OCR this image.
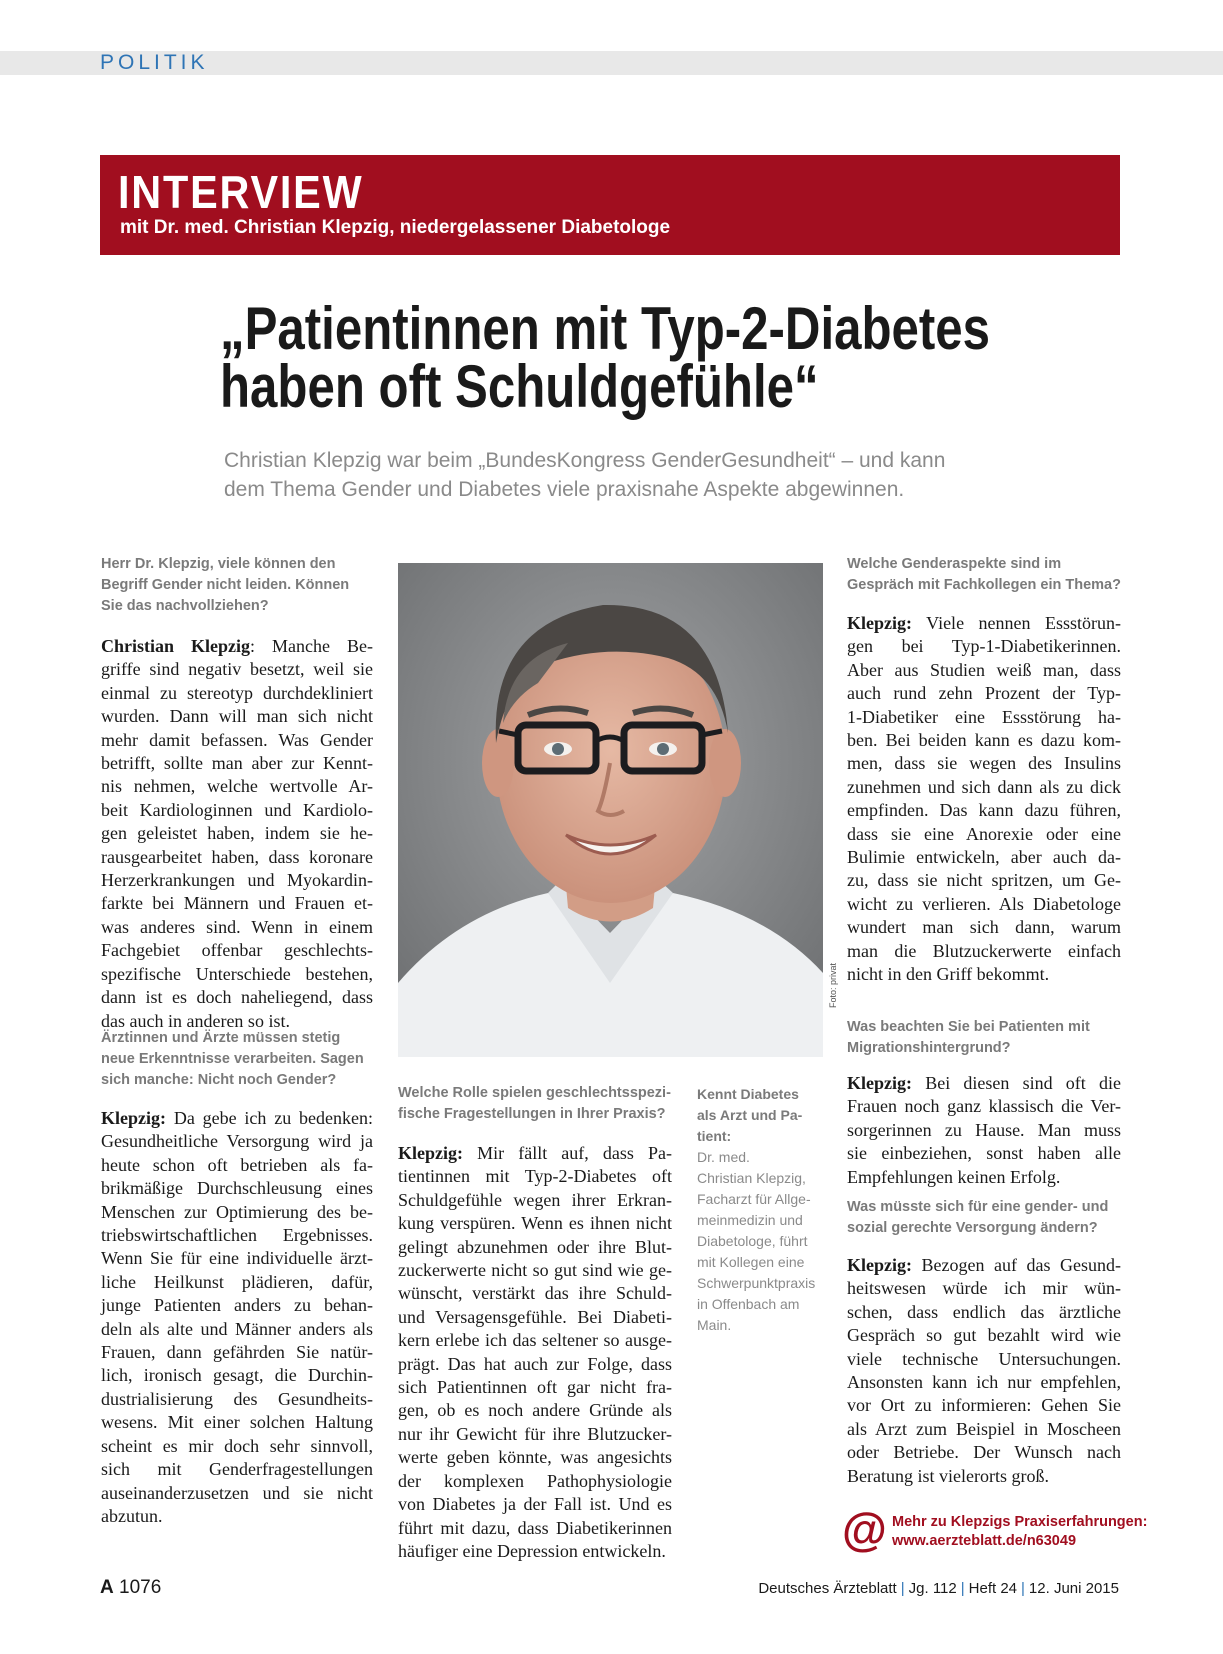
POLITIK
INTERVIEW
mit Dr. med. Christian Klepzig, niedergelassener Diabetologe
„Patientinnen mit Typ-2-Diabetes
haben oft Schuldgefühle“
Christian Klepzig war beim „BundesKongress GenderGesundheit“ – und kann
dem Thema Gender und Diabetes viele praxisnahe Aspekte abgewinnen.
Herr Dr. Klepzig, viele können den
Begriff Gender nicht leiden. Können
Sie das nachvollziehen?

Christian Klepzig: Manche Be-
griffe sind negativ besetzt, weil sie
einmal zu stereotyp durchdekliniert
wurden. Dann will man sich nicht
mehr damit befassen. Was Gender
betrifft, sollte man aber zur Kennt-
nis nehmen, welche wertvolle Ar-
beit Kardiologinnen und Kardiolo-
gen geleistet haben, indem sie he-
rausgearbeitet haben, dass koronare
Herzerkrankungen und Myokardin-
farkte bei Männern und Frauen et-
was anderes sind. Wenn in einem
Fachgebiet offenbar geschlechts-
spezifische Unterschiede bestehen,
dann ist es doch naheliegend, dass
das auch in anderen so ist.

Ärztinnen und Ärzte müssen stetig
neue Erkenntnisse verarbeiten. Sagen
sich manche: Nicht noch Gender?

Klepzig: Da gebe ich zu bedenken:
Gesundheitliche Versorgung wird ja
heute schon oft betrieben als fa-
brikmäßige Durchschleusung eines
Menschen zur Optimierung des be-
triebswirtschaftlichen Ergebnisses.
Wenn Sie für eine individuelle ärzt-
liche Heilkunst plädieren, dafür,
junge Patienten anders zu behan-
deln als alte und Männer anders als
Frauen, dann gefährden Sie natür-
lich, ironisch gesagt, die Durchin-
dustrialisierung des Gesundheits-
wesens. Mit einer solchen Haltung
scheint es mir doch sehr sinnvoll,
sich mit Genderfragestellungen
auseinanderzusetzen und sie nicht
abzutun.

Foto: privat
Welche Rolle spielen geschlechtsspezi-
fische Fragestellungen in Ihrer Praxis?

Klepzig: Mir fällt auf, dass Pa-
tientinnen mit Typ-2-Diabetes oft
Schuldgefühle wegen ihrer Erkran-
kung verspüren. Wenn es ihnen nicht
gelingt abzunehmen oder ihre Blut-
zuckerwerte nicht so gut sind wie ge-
wünscht, verstärkt das ihre Schuld-
und Versagensgefühle. Bei Diabeti-
kern erlebe ich das seltener so ausge-
prägt. Das hat auch zur Folge, dass
sich Patientinnen oft gar nicht fra-
gen, ob es noch andere Gründe als
nur ihr Gewicht für ihre Blutzucker-
werte geben könnte, was angesichts
der komplexen Pathophysiologie
von Diabetes ja der Fall ist. Und es
führt mit dazu, dass Diabetikerinnen
häufiger eine Depression entwickeln.

Kennt Diabetes
als Arzt und Pa-
tient:
Dr. med.
Christian Klepzig,
Facharzt für Allge-
meinmedizin und
Diabetologe, führt
mit Kollegen eine
Schwerpunktpraxis
in Offenbach am
Main.
Welche Genderaspekte sind im
Gespräch mit Fachkollegen ein Thema?

Klepzig: Viele nennen Essstörun-
gen bei Typ-1-Diabetikerinnen.
Aber aus Studien weiß man, dass
auch rund zehn Prozent der Typ-
1-Diabetiker eine Essstörung ha-
ben. Bei beiden kann es dazu kom-
men, dass sie wegen des Insulins
zunehmen und sich dann als zu dick
empfinden. Das kann dazu führen,
dass sie eine Anorexie oder eine
Bulimie entwickeln, aber auch da-
zu, dass sie nicht spritzen, um Ge-
wicht zu verlieren. Als Diabetologe
wundert man sich dann, warum
man die Blutzuckerwerte einfach
nicht in den Griff bekommt.

Was beachten Sie bei Patienten mit
Migrationshintergrund?

Klepzig: Bei diesen sind oft die
Frauen noch ganz klassisch die Ver-
sorgerinnen zu Hause. Man muss
sie einbeziehen, sonst haben alle
Empfehlungen keinen Erfolg.

Was müsste sich für eine gender- und
sozial gerechte Versorgung ändern?

Klepzig: Bezogen auf das Gesund-
heitswesen würde ich mir wün-
schen, dass endlich das ärztliche
Gespräch so gut bezahlt wird wie
viele technische Untersuchungen.
Ansonsten kann ich nur empfehlen,
vor Ort zu informieren: Gehen Sie
als Arzt zum Beispiel in Moscheen
oder Betriebe. Der Wunsch nach
Beratung ist vielerorts groß.

@ Mehr zu Klepzigs Praxiserfahrungen:
www.aerzteblatt.de/n63049
A 1076	Deutsches Ärzteblatt | Jg. 112 | Heft 24 | 12. Juni 2015
